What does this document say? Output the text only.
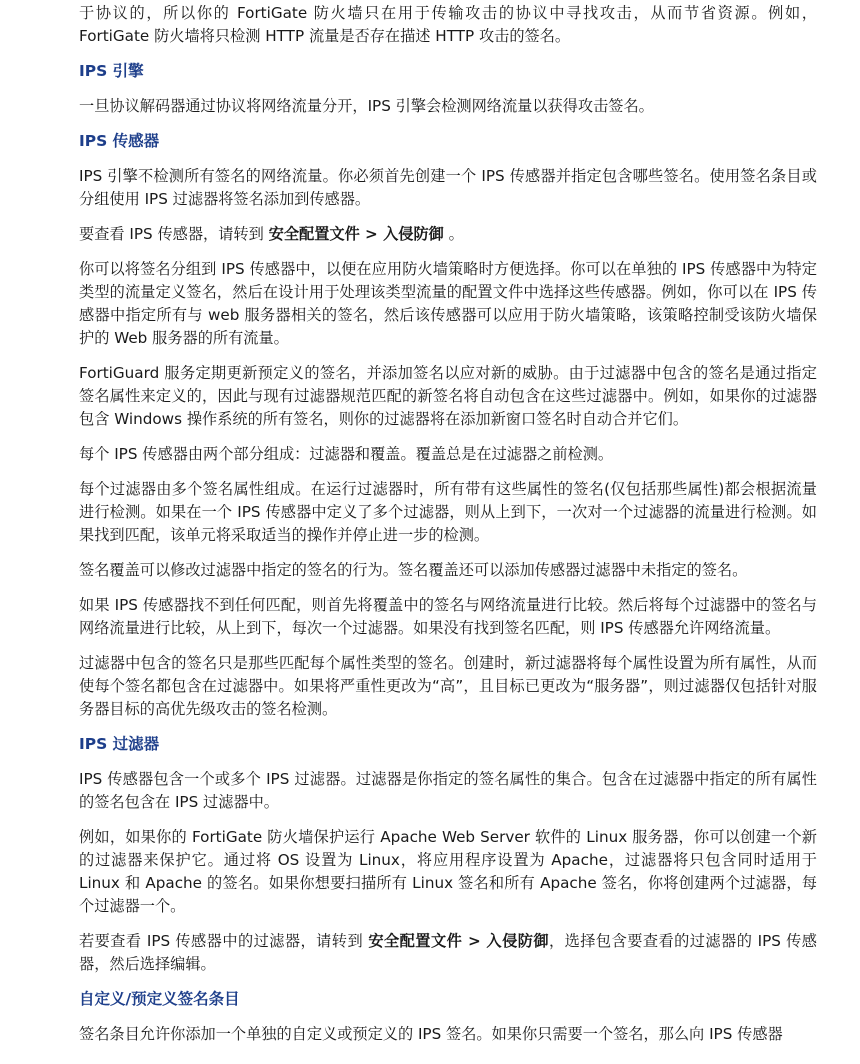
于协议的，所以你的 FortiGate 防火墙只在用于传输攻击的协议中寻找攻击，从而节省资源。例如，FortiGate 防火墙将只检测 HTTP 流量是否存在描述 HTTP 攻击的签名。

IPS 引擎

一旦协议解码器通过协议将网络流量分开，IPS 引擎会检测网络流量以获得攻击签名。

IPS 传感器

IPS 引擎不检测所有签名的网络流量。你必须首先创建一个 IPS 传感器并指定包含哪些签名。使用签名条目或分组使用 IPS 过滤器将签名添加到传感器。

要查看 IPS 传感器，请转到 安全配置文件 > 入侵防御 。

你可以将签名分组到 IPS 传感器中，以便在应用防火墙策略时方便选择。你可以在单独的 IPS 传感器中为特定类型的流量定义签名，然后在设计用于处理该类型流量的配置文件中选择这些传感器。例如，你可以在 IPS 传感器中指定所有与 web 服务器相关的签名，然后该传感器可以应用于防火墙策略，该策略控制受该防火墙保护的 Web 服务器的所有流量。

FortiGuard 服务定期更新预定义的签名，并添加签名以应对新的威胁。由于过滤器中包含的签名是通过指定签名属性来定义的，因此与现有过滤器规范匹配的新签名将自动包含在这些过滤器中。例如，如果你的过滤器包含 Windows 操作系统的所有签名，则你的过滤器将在添加新窗口签名时自动合并它们。

每个 IPS 传感器由两个部分组成：过滤器和覆盖。覆盖总是在过滤器之前检测。

每个过滤器由多个签名属性组成。在运行过滤器时，所有带有这些属性的签名(仅包括那些属性)都会根据流量进行检测。如果在一个 IPS 传感器中定义了多个过滤器，则从上到下，一次对一个过滤器的流量进行检测。如果找到匹配，该单元将采取适当的操作并停止进一步的检测。

签名覆盖可以修改过滤器中指定的签名的行为。签名覆盖还可以添加传感器过滤器中未指定的签名。

如果 IPS 传感器找不到任何匹配，则首先将覆盖中的签名与网络流量进行比较。然后将每个过滤器中的签名与网络流量进行比较，从上到下，每次一个过滤器。如果没有找到签名匹配，则 IPS 传感器允许网络流量。

过滤器中包含的签名只是那些匹配每个属性类型的签名。创建时，新过滤器将每个属性设置为所有属性，从而使每个签名都包含在过滤器中。如果将严重性更改为“高”，且目标已更改为“服务器”，则过滤器仅包括针对服务器目标的高优先级攻击的签名检测。

IPS 过滤器

IPS 传感器包含一个或多个 IPS 过滤器。过滤器是你指定的签名属性的集合。包含在过滤器中指定的所有属性的签名包含在 IPS 过滤器中。

例如，如果你的 FortiGate 防火墙保护运行 Apache Web Server 软件的 Linux 服务器，你可以创建一个新的过滤器来保护它。通过将 OS 设置为 Linux，将应用程序设置为 Apache，过滤器将只包含同时适用于 Linux 和 Apache 的签名。如果你想要扫描所有 Linux 签名和所有 Apache 签名，你将创建两个过滤器，每个过滤器一个。

若要查看 IPS 传感器中的过滤器，请转到 安全配置文件 > 入侵防御，选择包含要查看的过滤器的 IPS 传感器，然后选择编辑。

自定义/预定义签名条目

签名条目允许你添加一个单独的自定义或预定义的 IPS 签名。如果你只需要一个签名，那么向 IPS 传感器
